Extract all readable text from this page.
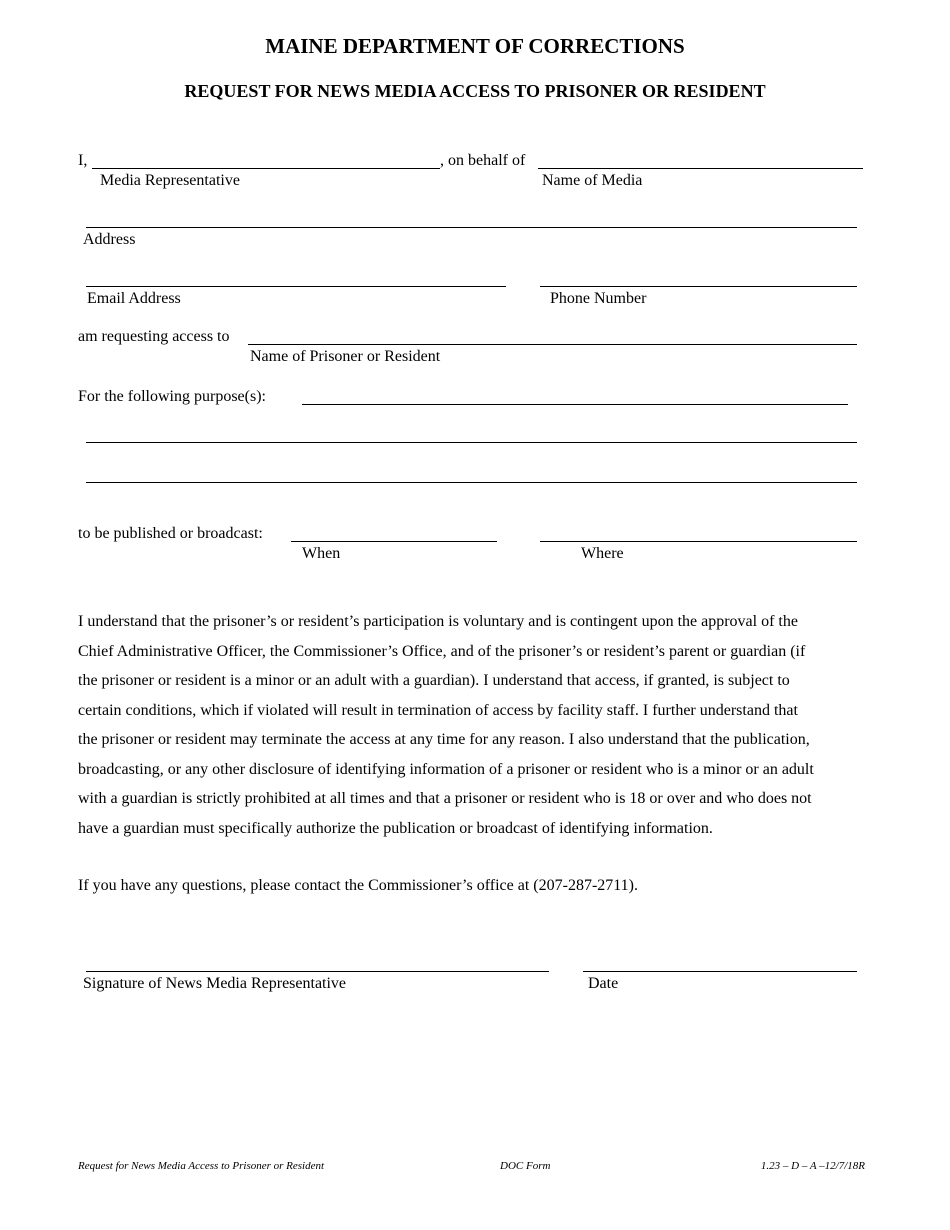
MAINE DEPARTMENT OF CORRECTIONS
REQUEST FOR NEWS MEDIA ACCESS TO PRISONER OR RESIDENT
I,	, on behalf of
Media Representative	Name of Media
Address
Email Address	Phone Number
am requesting access to
Name of Prisoner or Resident
For the following purpose(s):
to be published or broadcast:
When	Where

I understand that the prisoner’s or resident’s participation is voluntary and is contingent upon the approval of the

Chief Administrative Officer, the Commissioner’s Office, and of the prisoner’s or resident’s parent or guardian (if

the prisoner or resident is a minor or an adult with a guardian). I understand that access, if granted, is subject to

certain conditions, which if violated will result in termination of access by facility staff. I further understand that

the prisoner or resident may terminate the access at any time for any reason. I also understand that the publication,

broadcasting, or any other disclosure of identifying information of a prisoner or resident who is a minor or an adult

with a guardian is strictly prohibited at all times and that a prisoner or resident who is 18 or over and who does not

have a guardian must specifically authorize the publication or broadcast of identifying information.

If you have any questions, please contact the Commissioner’s office at (207-287-2711).
Signature of News Media Representative	Date
Request for News Media Access to Prisoner or Resident	DOC Form	1.23 – D – A –12/7/18R
